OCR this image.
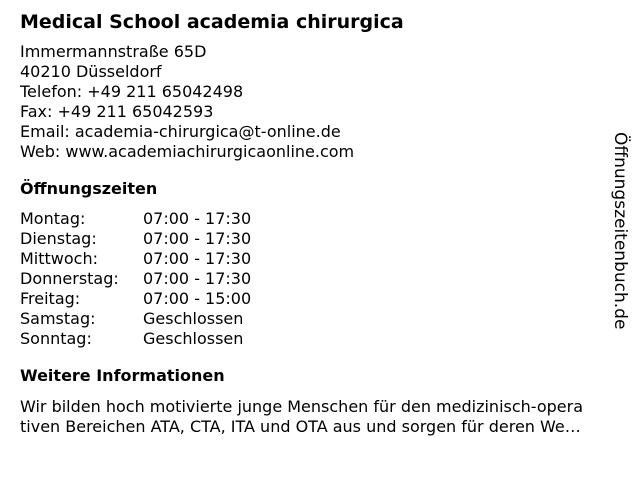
Medical School academia chirurgica
Immermannstraße 65D
40210 Düsseldorf
Telefon: +49 211 65042498
Fax: +49 211 65042593
Email: academia-chirurgica@t-online.de
Web: www.academiachirurgicaonline.com
Öffnungszeiten
Montag:	07:00 - 17:30
Dienstag:	07:00 - 17:30
Mittwoch:	07:00 - 17:30
Donnerstag:	07:00 - 17:30
Freitag:	07:00 - 15:00
Samstag:	Geschlossen
Sonntag:	Geschlossen
Weitere Informationen
Wir bilden hoch motivierte junge Menschen für den medizinisch-opera
tiven Bereichen ATA, CTA, ITA und OTA aus und sorgen für deren We…
Öffnungszeitenbuch.de
